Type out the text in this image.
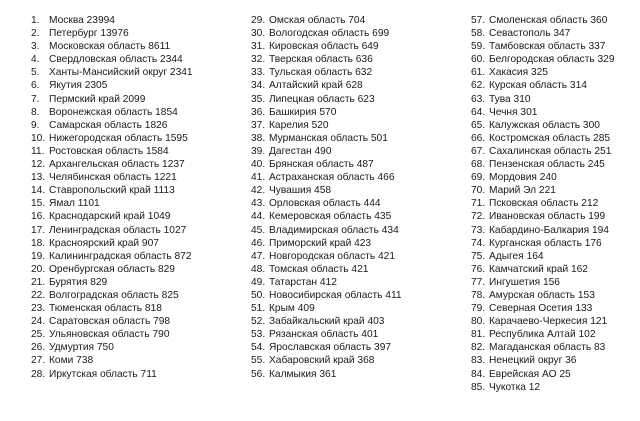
1. Москва 23994
2. Петербург 13976
3. Московская область 8611
4. Свердловская область 2344
5. Ханты-Мансийский округ 2341
6. Якутия 2305
7. Пермский край 2099
8. Воронежская область 1854
9. Самарская область 1826
10. Нижегородская область 1595
11. Ростовская область 1584
12. Архангельская область 1237
13. Челябинская область 1221
14. Ставропольский край 1113
15. Ямал 1101
16. Краснодарский край 1049
17. Ленинградская область 1027
18. Красноярский край 907
19. Калининградская область 872
20. Оренбургская область 829
21. Бурятия 829
22. Волгоградская область 825
23. Тюменская область 818
24. Саратовская область 798
25. Ульяновская область 790
26. Удмуртия 750
27. Коми 738
28. Иркутская область 711
29. Омская область 704
30. Вологодская область 699
31. Кировская область 649
32. Тверская область 636
33. Тульская область 632
34. Алтайский край 628
35. Липецкая область 623
36. Башкирия 570
37. Карелия 520
38. Мурманская область 501
39. Дагестан 490
40. Брянская область 487
41. Астраханская область 466
42. Чувашия 458
43. Орловская область 444
44. Кемеровская область 435
45. Владимирская область 434
46. Приморский край 423
47. Новгородская область 421
48. Томская область 421
49. Татарстан 412
50. Новосибирская область 411
51. Крым 409
52. Забайкальский край 403
53. Рязанская область 401
54. Ярославская область 397
55. Хабаровский край 368
56. Калмыкия 361
57. Смоленская область 360
58. Севастополь 347
59. Тамбовская область 337
60. Белгородская область 329
61. Хакасия 325
62. Курская область 314
63. Тува 310
64. Чечня 301
65. Калужская область 300
66. Костромская область 285
67. Сахалинская область 251
68. Пензенская область 245
69. Мордовия 240
70. Марий Эл 221
71. Псковская область 212
72. Ивановская область 199
73. Кабардино-Балкария 194
74. Курганская область 176
75. Адыгея 164
76. Камчатский край 162
77. Ингушетия 156
78. Амурская область 153
79. Северная Осетия 133
80. Карачаево-Черкесия 121
81. Республика Алтай 102
82. Магаданская область 83
83. Ненецкий округ 36
84. Еврейская АО 25
85. Чукотка 12
